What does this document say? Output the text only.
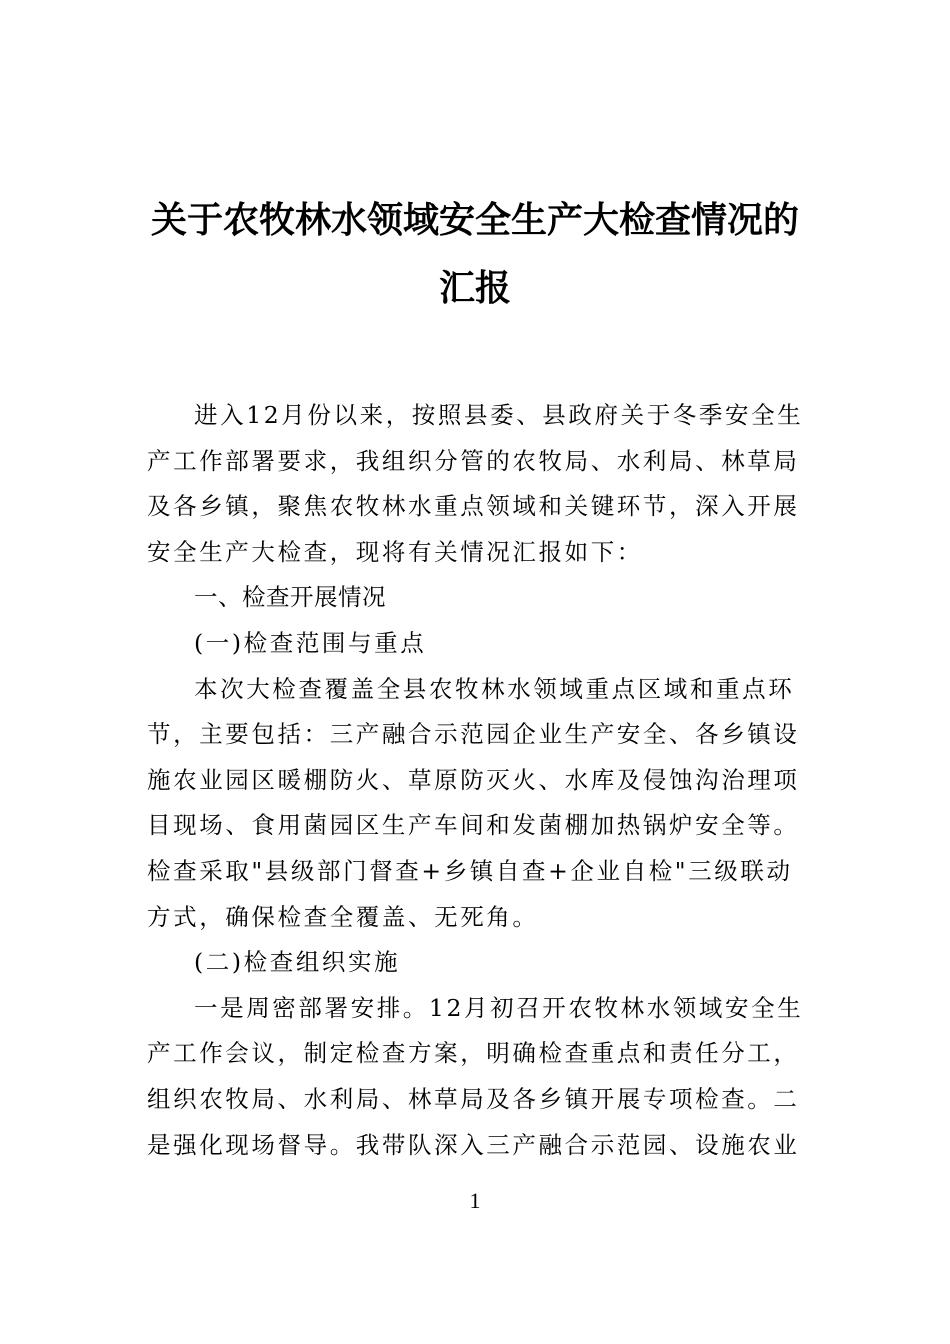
关于农牧林水领域安全生产大检查情况的
汇报

进入12月份以来，按照县委、县政府关于冬季安全生产工作部署要求，我组织分管的农牧局、水利局、林草局及各乡镇，聚焦农牧林水重点领域和关键环节，深入开展安全生产大检查，现将有关情况汇报如下：

一、检查开展情况

(一)检查范围与重点

本次大检查覆盖全县农牧林水领域重点区域和重点环节，主要包括：三产融合示范园企业生产安全、各乡镇设施农业园区暖棚防火、草原防灭火、水库及侵蚀沟治理项目现场、食用菌园区生产车间和发菌棚加热锅炉安全等。检查采取"县级部门督查+乡镇自查+企业自检"三级联动方式，确保检查全覆盖、无死角。

(二)检查组织实施

一是周密部署安排。12月初召开农牧林水领域安全生产工作会议，制定检查方案，明确检查重点和责任分工，组织农牧局、水利局、林草局及各乡镇开展专项检查。二是强化现场督导。我带队深入三产融合示范园、设施农业

1
